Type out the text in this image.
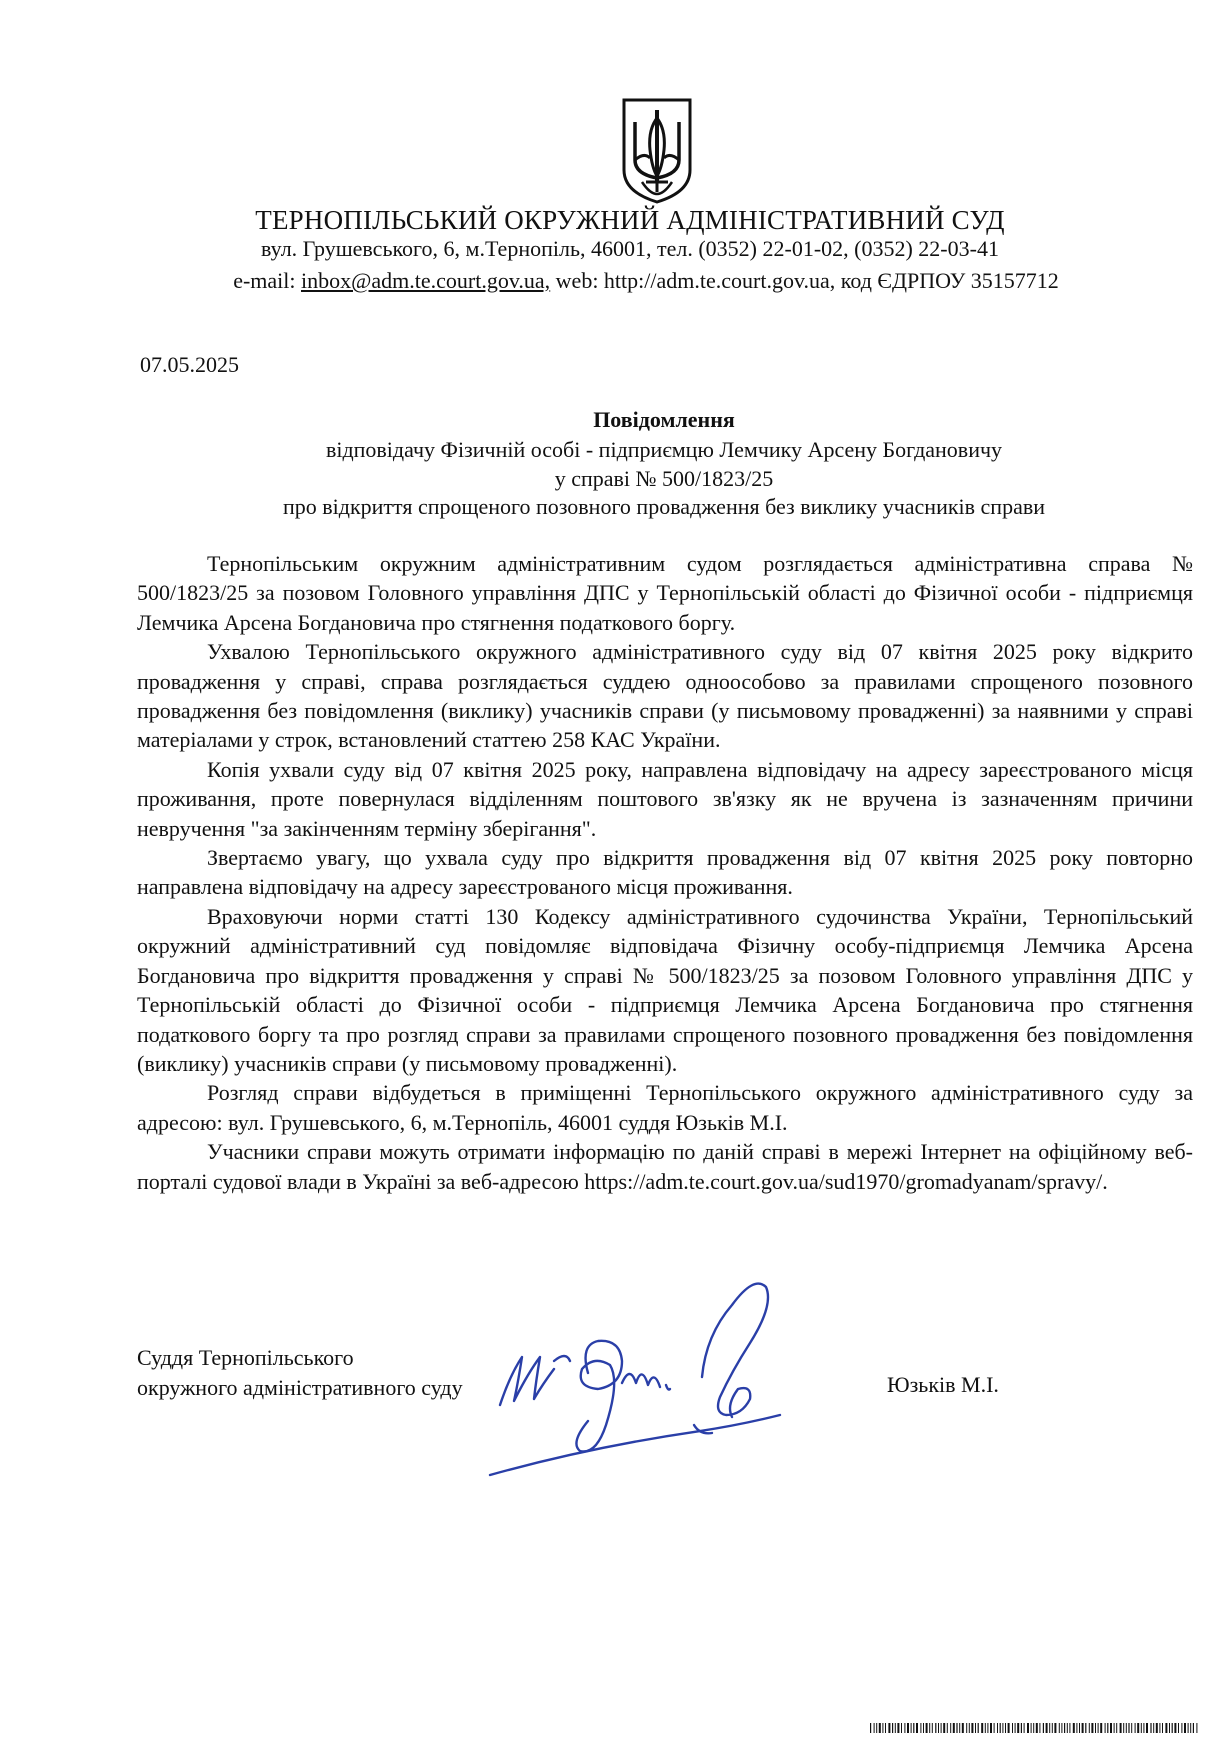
ТЕРНОПІЛЬСЬКИЙ ОКРУЖНИЙ АДМІНІСТРАТИВНИЙ СУД
вул. Грушевського, 6, м.Тернопіль, 46001, тел. (0352) 22-01-02, (0352) 22-03-41
e-mail: inbox@adm.te.court.gov.ua, web: http://adm.te.court.gov.ua, код ЄДРПОУ 35157712
07.05.2025
Повідомлення
відповідачу Фізичній особі - підприємцю Лемчику Арсену Богдановичу
у справі № 500/1823/25
про відкриття спрощеного позовного провадження без виклику учасників справи

Тернопільським окружним адміністративним судом розглядається адміністративна справа № 500/1823/25 за позовом Головного управління ДПС у Тернопільській області до Фізичної особи - підприємця Лемчика Арсена Богдановича про стягнення податкового боргу.

Ухвалою Тернопільського окружного адміністративного суду від 07 квітня 2025 року відкрито провадження у справі, справа розглядається суддею одноособово за правилами спрощеного позовного провадження без повідомлення (виклику) учасників справи (у письмовому провадженні) за наявними у справі матеріалами у строк, встановлений статтею 258 КАС України.

Копія ухвали суду від 07 квітня 2025 року, направлена відповідачу на адресу зареєстрованого місця проживання, проте повернулася відділенням поштового зв'язку як не вручена із зазначенням причини невручення "за закінченням терміну зберігання".

Звертаємо увагу, що ухвала суду про відкриття провадження від 07 квітня 2025 року повторно направлена відповідачу на адресу зареєстрованого місця проживання.

Враховуючи норми статті 130 Кодексу адміністративного судочинства України, Тернопільський окружний адміністративний суд повідомляє відповідача Фізичну особу-підприємця Лемчика Арсена Богдановича про відкриття провадження у справі № 500/1823/25 за позовом Головного управління ДПС у Тернопільській області до Фізичної особи - підприємця Лемчика Арсена Богдановича про стягнення податкового боргу та про розгляд справи за правилами спрощеного позовного провадження без повідомлення (виклику) учасників справи (у письмовому провадженні).

Розгляд справи відбудеться в приміщенні Тернопільського окружного адміністративного суду за адресою: вул. Грушевського, 6, м.Тернопіль, 46001 суддя Юзьків М.І.

Учасники справи можуть отримати інформацію по даній справі в мережі Інтернет на офіційному веб-порталі судової влади в Україні за веб-адресою https://adm.te.court.gov.ua/sud1970/gromadyanam/spravy/.

Суддя Тернопільського
окружного адміністративного суду	Юзьків М.І.
